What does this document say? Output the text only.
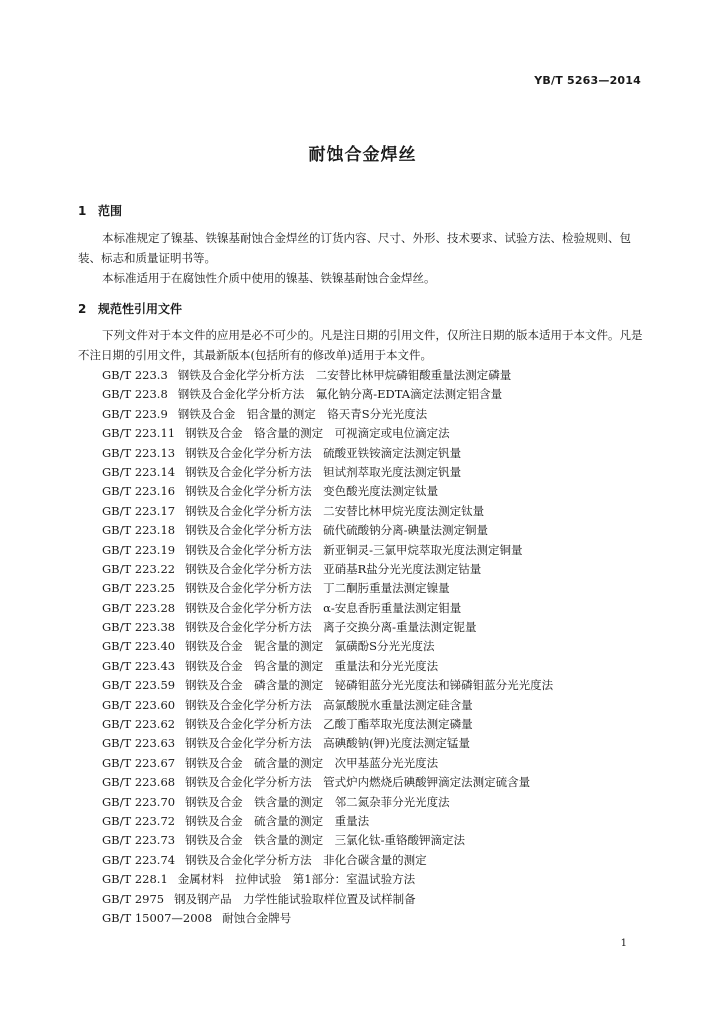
YB/T 5263—2014
耐蚀合金焊丝
1 范围
本标准规定了镍基、铁镍基耐蚀合金焊丝的订货内容、尺寸、外形、技术要求、试验方法、检验规则、包装、标志和质量证明书等。
本标准适用于在腐蚀性介质中使用的镍基、铁镍基耐蚀合金焊丝。
2 规范性引用文件
下列文件对于本文件的应用是必不可少的。凡是注日期的引用文件，仅所注日期的版本适用于本文件。凡是不注日期的引用文件，其最新版本(包括所有的修改单)适用于本文件。
GB/T 223.3 钢铁及合金化学分析方法　二安替比林甲烷磷钼酸重量法测定磷量
GB/T 223.8 钢铁及合金化学分析方法　氟化钠分离-EDTA滴定法测定铝含量
GB/T 223.9 钢铁及合金　铝含量的测定　铬天青S分光光度法
GB/T 223.11 钢铁及合金　铬含量的测定　可视滴定或电位滴定法
GB/T 223.13 钢铁及合金化学分析方法　硫酸亚铁铵滴定法测定钒量
GB/T 223.14 钢铁及合金化学分析方法　钽试剂萃取光度法测定钒量
GB/T 223.16 钢铁及合金化学分析方法　变色酸光度法测定钛量
GB/T 223.17 钢铁及合金化学分析方法　二安替比林甲烷光度法测定钛量
GB/T 223.18 钢铁及合金化学分析方法　硫代硫酸钠分离-碘量法测定铜量
GB/T 223.19 钢铁及合金化学分析方法　新亚铜灵-三氯甲烷萃取光度法测定铜量
GB/T 223.22 钢铁及合金化学分析方法　亚硝基R盐分光光度法测定钴量
GB/T 223.25 钢铁及合金化学分析方法　丁二酮肟重量法测定镍量
GB/T 223.28 钢铁及合金化学分析方法　α-安息香肟重量法测定钼量
GB/T 223.38 钢铁及合金化学分析方法　离子交换分离-重量法测定铌量
GB/T 223.40 钢铁及合金　铌含量的测定　氯磺酚S分光光度法
GB/T 223.43 钢铁及合金　钨含量的测定　重量法和分光光度法
GB/T 223.59 钢铁及合金　磷含量的测定　铋磷钼蓝分光光度法和锑磷钼蓝分光光度法
GB/T 223.60 钢铁及合金化学分析方法　高氯酸脱水重量法测定硅含量
GB/T 223.62 钢铁及合金化学分析方法　乙酸丁酯萃取光度法测定磷量
GB/T 223.63 钢铁及合金化学分析方法　高碘酸钠(钾)光度法测定锰量
GB/T 223.67 钢铁及合金　硫含量的测定　次甲基蓝分光光度法
GB/T 223.68 钢铁及合金化学分析方法　管式炉内燃烧后碘酸钾滴定法测定硫含量
GB/T 223.70 钢铁及合金　铁含量的测定　邻二氮杂菲分光光度法
GB/T 223.72 钢铁及合金　硫含量的测定　重量法
GB/T 223.73 钢铁及合金　铁含量的测定　三氯化钛-重铬酸钾滴定法
GB/T 223.74 钢铁及合金化学分析方法　非化合碳含量的测定
GB/T 228.1 金属材料　拉伸试验　第1部分：室温试验方法
GB/T 2975 钢及钢产品　力学性能试验取样位置及试样制备
GB/T 15007—2008 耐蚀合金牌号
1
